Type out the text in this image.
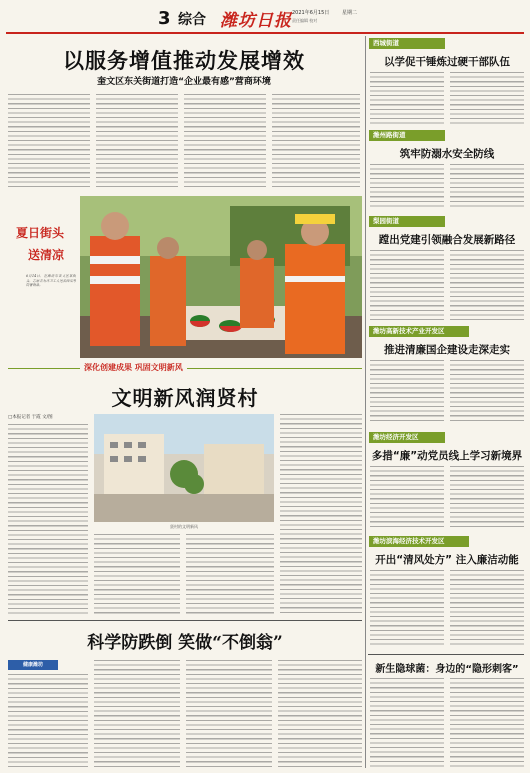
3 综合 潍坊日报 2021年6月15日	星期二
责任编辑 校对
以服务增值推动发展增效
奎文区东关街道打造“企业最有感”营商环境
夏日街头
送清凉
6月14日，在潍坊市奎文区某街头，志愿者为环卫工人送去西瓜等防暑物品。
深化创建成果 巩固文明新风
文明新风润贤村
□本报记者 于霞 文/图
贤村的文明新风
科学防跌倒 笑做“不倒翁”
健康潍坊
西城街道
以学促干锤炼过硬干部队伍
潍州路街道
筑牢防溺水安全防线
梨园街道
蹚出党建引领融合发展新路径
潍坊高新技术产业开发区
推进清廉国企建设走深走实
潍坊经济开发区
多措“廉”动党员线上学习新境界
潍坊滨海经济技术开发区
开出“清风处方” 注入廉洁动能
新生隐球菌：身边的“隐形刺客”
